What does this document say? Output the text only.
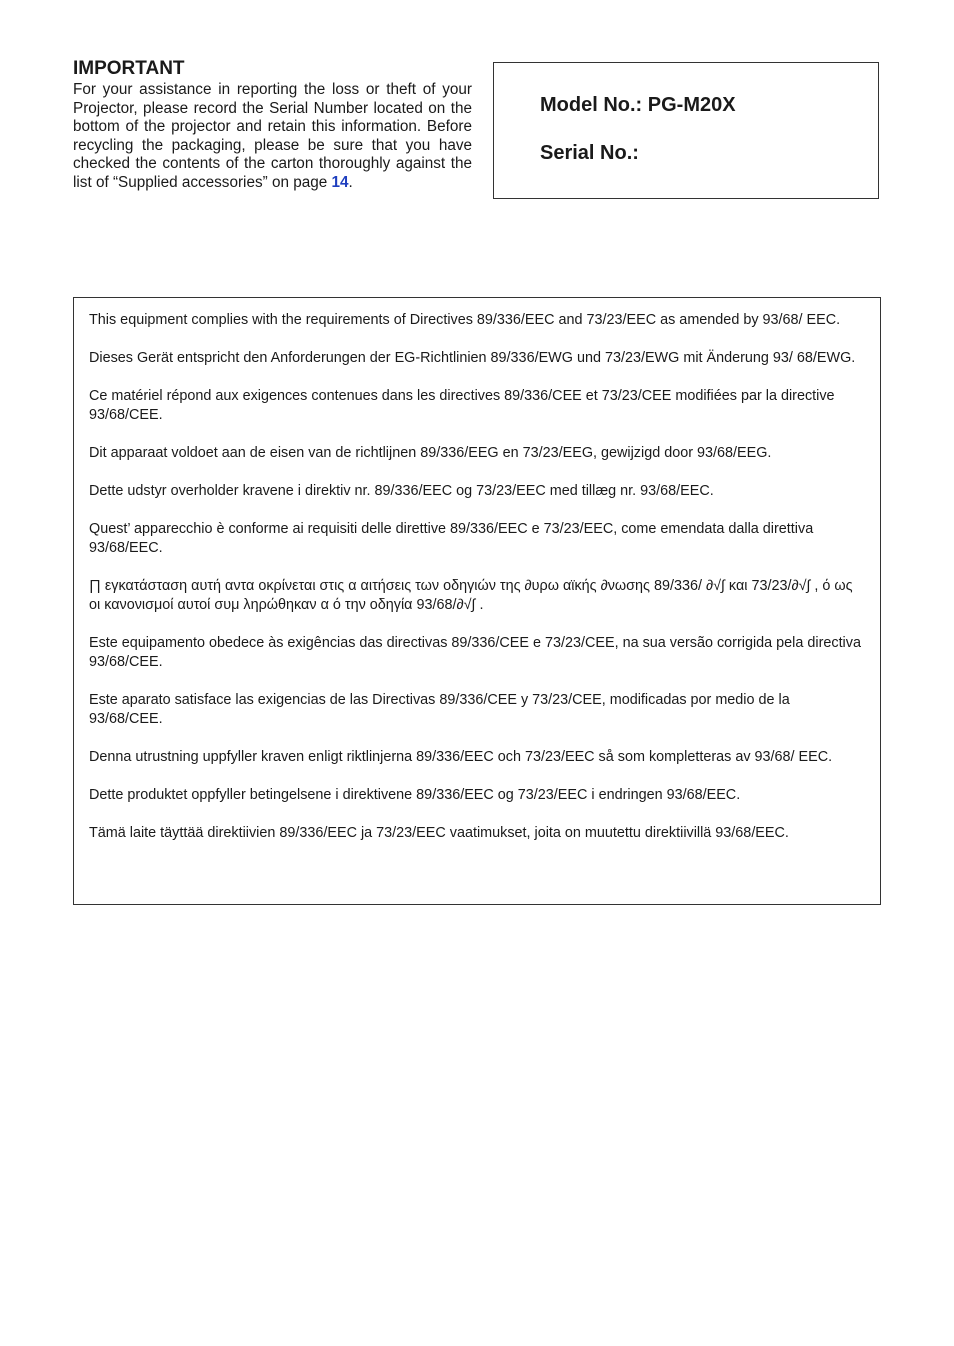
IMPORTANT

For your assistance in reporting the loss or theft of your Projector, please record the Serial Number located on the bottom of the projector and retain this information. Before recycling the packaging, please be sure that you have checked the contents of the carton thoroughly against the list of “Supplied accessories” on page 14.

Model No.: PG-M20X
Serial No.:

This equipment complies with the requirements of Directives 89/336/EEC and 73/23/EEC as amended by 93/68/ EEC.

Dieses Gerät entspricht den Anforderungen der EG-Richtlinien 89/336/EWG und 73/23/EWG mit Änderung 93/ 68/EWG.

Ce matériel répond aux exigences contenues dans les directives 89/336/CEE et 73/23/CEE modifiées par la directive 93/68/CEE.

Dit apparaat voldoet aan de eisen van de richtlijnen 89/336/EEG en 73/23/EEG, gewijzigd door 93/68/EEG.

Dette udstyr overholder kravene i direktiv nr. 89/336/EEC og 73/23/EEC med tillæg nr. 93/68/EEC.

Quest’ apparecchio è conforme ai requisiti delle direttive 89/336/EEC e 73/23/EEC, come emendata dalla direttiva 93/68/EEC.

∏ εγκατάσταση αυτή αντα οκρίνεται στις α αιτήσεις των οδηγιών της ∂υρω αϊκής ∂νωσης 89/336/ ∂√∫ και 73/23/∂√∫ , ό ως οι κανονισμοί αυτοί συμ ληρώθηκαν α ό την οδηγία 93/68/∂√∫ .

Este equipamento obedece às exigências das directivas 89/336/CEE e 73/23/CEE, na sua versão corrigida pela directiva 93/68/CEE.

Este aparato satisface las exigencias de las Directivas 89/336/CEE y 73/23/CEE, modificadas por medio de la 93/68/CEE.

Denna utrustning uppfyller kraven enligt riktlinjerna 89/336/EEC och 73/23/EEC så som kompletteras av 93/68/ EEC.

Dette produktet oppfyller betingelsene i direktivene 89/336/EEC og 73/23/EEC i endringen 93/68/EEC.

Tämä laite täyttää direktiivien 89/336/EEC ja 73/23/EEC vaatimukset, joita on muutettu direktiivillä 93/68/EEC.
